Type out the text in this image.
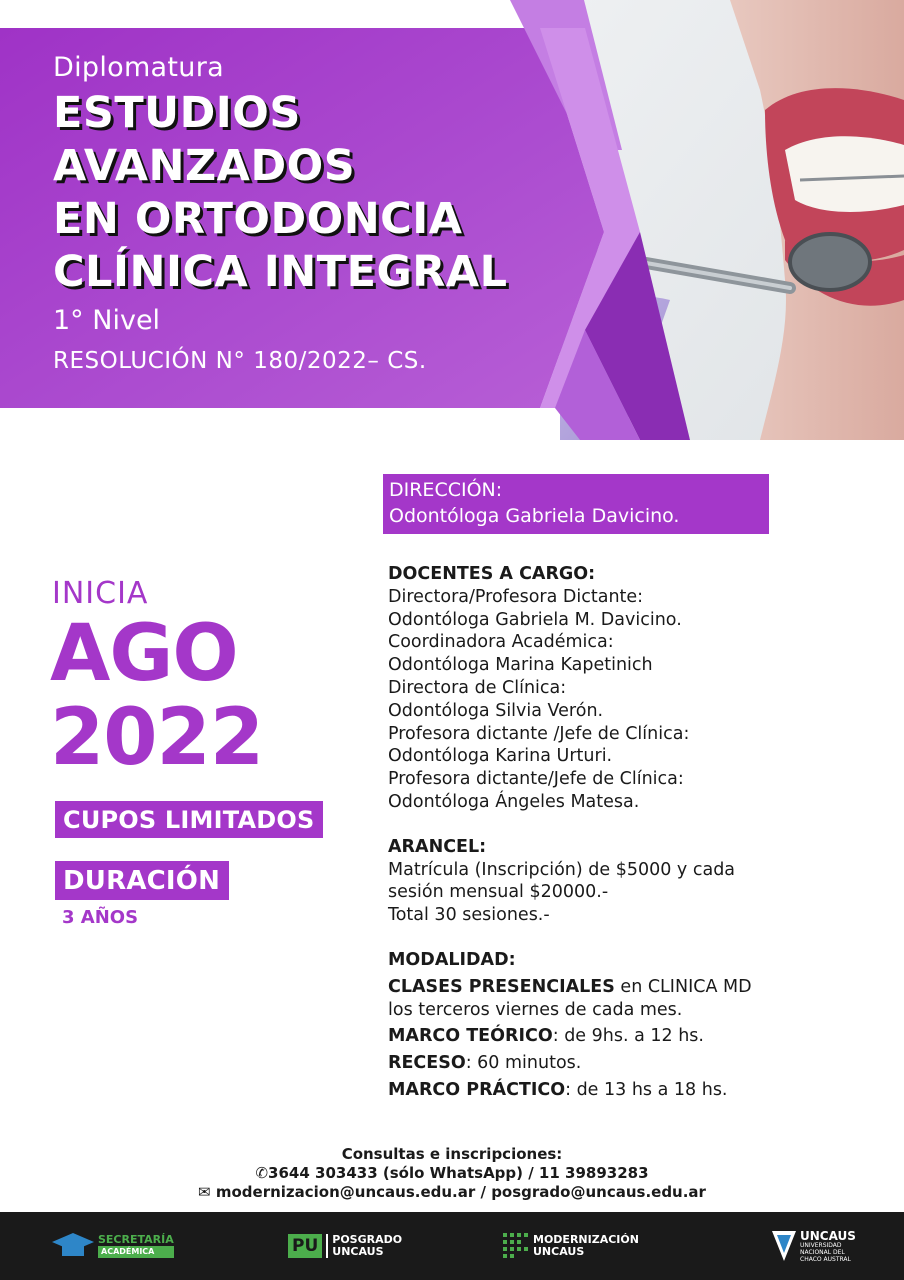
Diplomatura
ESTUDIOS
AVANZADOS
EN ORTODONCIA
CLÍNICA INTEGRAL
1° Nivel
RESOLUCIÓN N° 180/2022– CS.
INICIA
AGO
2022
CUPOS LIMITADOS
DURACIÓN
3 AÑOS
DIRECCIÓN:
Odontóloga Gabriela Davicino.
DOCENTES A CARGO:
Directora/Profesora Dictante:
Odontóloga Gabriela M. Davicino.
Coordinadora Académica:
Odontóloga Marina Kapetinich
Directora de Clínica:
Odontóloga Silvia Verón.
Profesora dictante /Jefe de Clínica:
Odontóloga Karina Urturi.
Profesora dictante/Jefe de Clínica:
Odontóloga Ángeles Matesa.
ARANCEL:
Matrícula (Inscripción) de $5000 y cada
sesión mensual $20000.-
Total 30 sesiones.-
MODALIDAD:
CLASES PRESENCIALES en CLINICA MD
los terceros viernes de cada mes.
MARCO TEÓRICO: de 9hs. a 12 hs.
RECESO: 60 minutos.
MARCO PRÁCTICO: de 13 hs a 18 hs.
Consultas e inscripciones:
✆3644 303433 (sólo WhatsApp) / 11 39893283
✉ modernizacion@uncaus.edu.ar / posgrado@uncaus.edu.ar
SECRETARÍA
ACADÉMICA	PU	POSGRADO
UNCAUS
MODERNIZACIÓN
UNCAUS
UNCAUS
UNIVERSIDAD
NACIONAL DEL
CHACO AUSTRAL
